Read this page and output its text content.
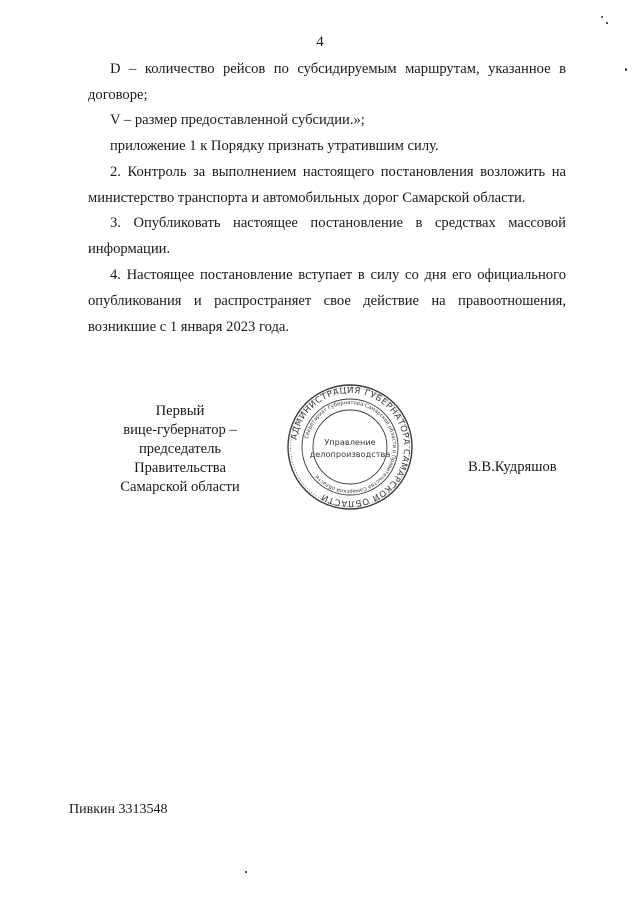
4
D – количество рейсов по субсидируемым маршрутам, указанное в
договоре;
V – размер предоставленной субсидии.»;
приложение 1 к Порядку признать утратившим силу.
2. Контроль за выполнением настоящего постановления возложить на
министерство транспорта и автомобильных дорог Самарской области.
3. Опубликовать настоящее постановление в средствах массовой
информации.
4. Настоящее постановление вступает в силу со дня его официального
опубликования и распространяет свое действие на правоотношения,
возникшие с 1 января 2023 года.
Первый
вице-губернатор –
председатель Правительства
Самарской области
В.В.Кудряшов
АДМИНИСТРАЦИЯ ГУБЕРНАТОРА САМАРСКОЙ ОБЛАСТИ
Секретариат Губернатора Самарской области и Правительства Самарской области
Управление
делопроизводства
Пивкин 3313548
